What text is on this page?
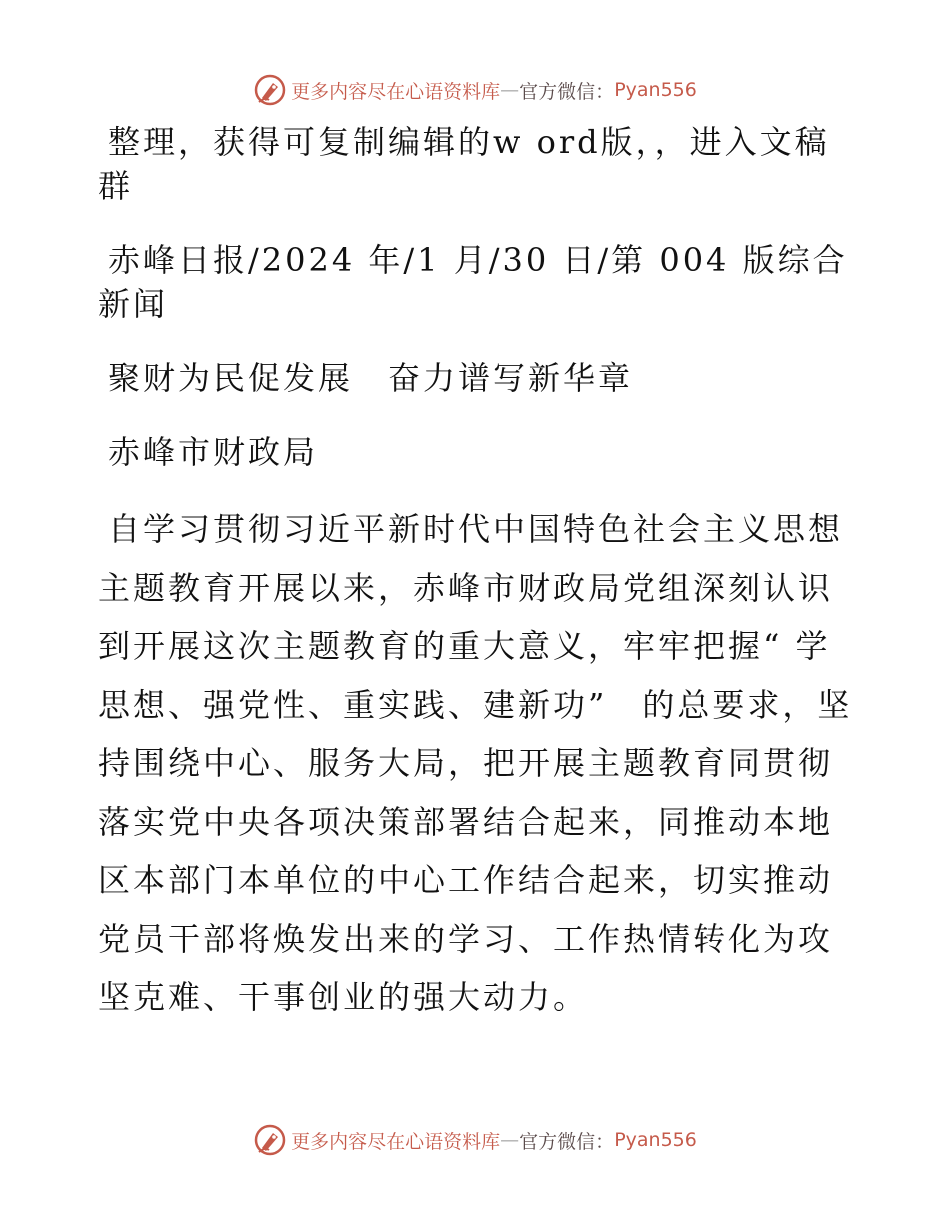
更多内容尽在心语资料库 — 官方微信： Pyan556

整理，获得可复制编辑的w ord版，，进入文稿群

赤峰日报/2024 年/1 月/30 日/第 004 版综合新闻

聚财为民促发展　奋力谱写新华章

赤峰市财政局

自学习贯彻习近平新时代中国特色社会主义思想主题教育开展以来，赤峰市财政局党组深刻认识到开展这次主题教育的重大意义，牢牢把握“ 学思想、强党性、重实践、建新功”　的总要求，坚持围绕中心、服务大局，把开展主题教育同贯彻落实党中央各项决策部署结合起来，同推动本地区本部门本单位的中心工作结合起来，切实推动党员干部将焕发出来的学习、工作热情转化为攻坚克难、干事创业的强大动力。

更多内容尽在心语资料库 — 官方微信： Pyan556
